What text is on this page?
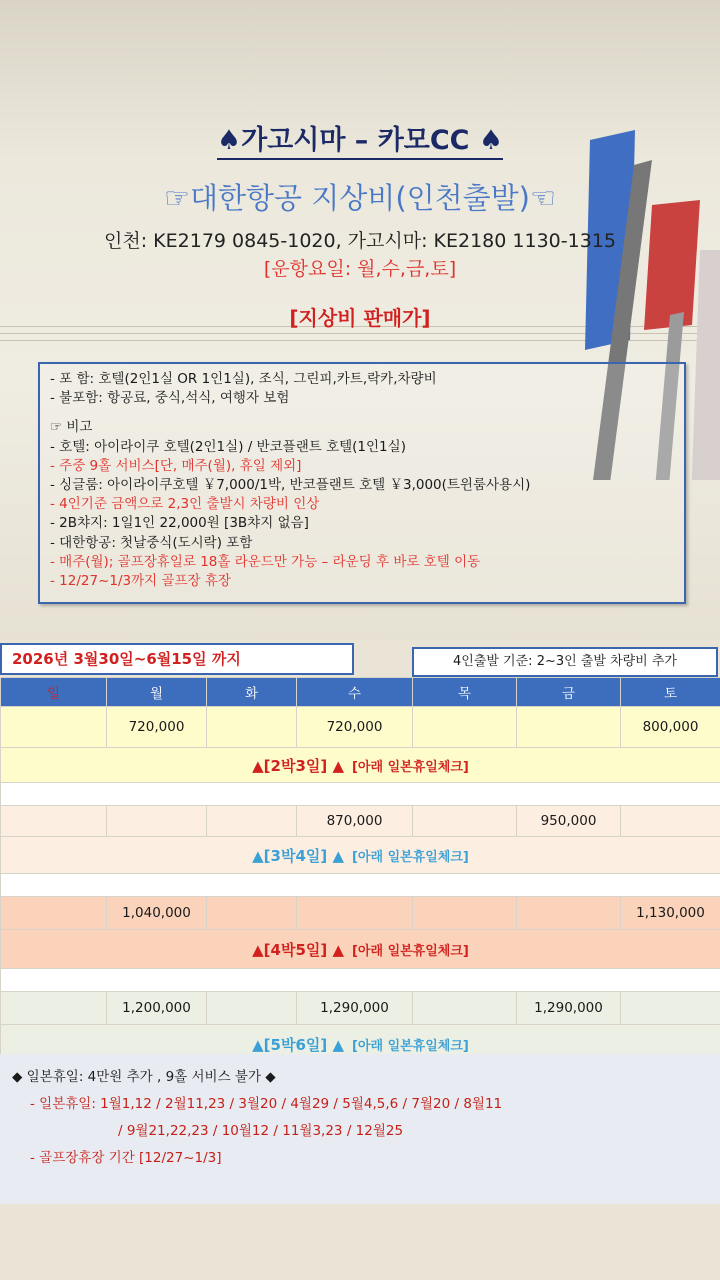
♠가고시마 – 카모CC ♠
☞대한항공 지상비(인천출발)☜
인천: KE2179 0845-1020, 가고시마: KE2180 1130-1315
[운항요일: 월,수,금,토]
[지상비 판매가]
- 포 함: 호텔(2인1실 OR 1인1실), 조식, 그린피,카트,락카,차량비
- 불포함: 항공료, 중식,석식, 여행자 보험
☞ 비고
- 호텔: 아이라이쿠 호텔(2인1실) / 반코플랜트 호텔(1인1실)
- 주중 9홀 서비스[단, 매주(월), 휴일 제외]
- 싱글룸: 아이라이쿠호텔 ￥7,000/1박, 반코플랜트 호텔 ￥3,000(트윈룸사용시)
- 4인기준 금액으로 2,3인 출발시 차량비 인상
- 2B챠지: 1일1인 22,000원 [3B챠지 없음]
- 대한항공: 첫날중식(도시락) 포함
- 매주(월); 골프장휴일로 18홀 라운드만 가능 – 라운딩 후 바로 호텔 이동
- 12/27~1/3까지 골프장 휴장
2026년 3월30일~6월15일 까지	4인출발 기준: 2~3인 출발 차량비 추가
일	월	화	수	목	금	토
	720,000		720,000			800,000
▲[2박3일] ▲ [아래 일본휴일체크]						

			870,000		950,000	
▲[3박4일] ▲ [아래 일본휴일체크]						

	1,040,000					1,130,000
▲[4박5일] ▲ [아래 일본휴일체크]						

	1,200,000		1,290,000		1,290,000	
▲[5박6일] ▲ [아래 일본휴일체크]						
◆ 일본휴일: 4만원 추가 , 9홀 서비스 불가 ◆
- 일본휴일: 1월1,12 / 2월11,23 / 3월20 / 4월29 / 5월4,5,6 / 7월20 / 8월11
/ 9월21,22,23 / 10월12 / 11월3,23 / 12월25
- 골프장휴장 기간 [12/27~1/3]
